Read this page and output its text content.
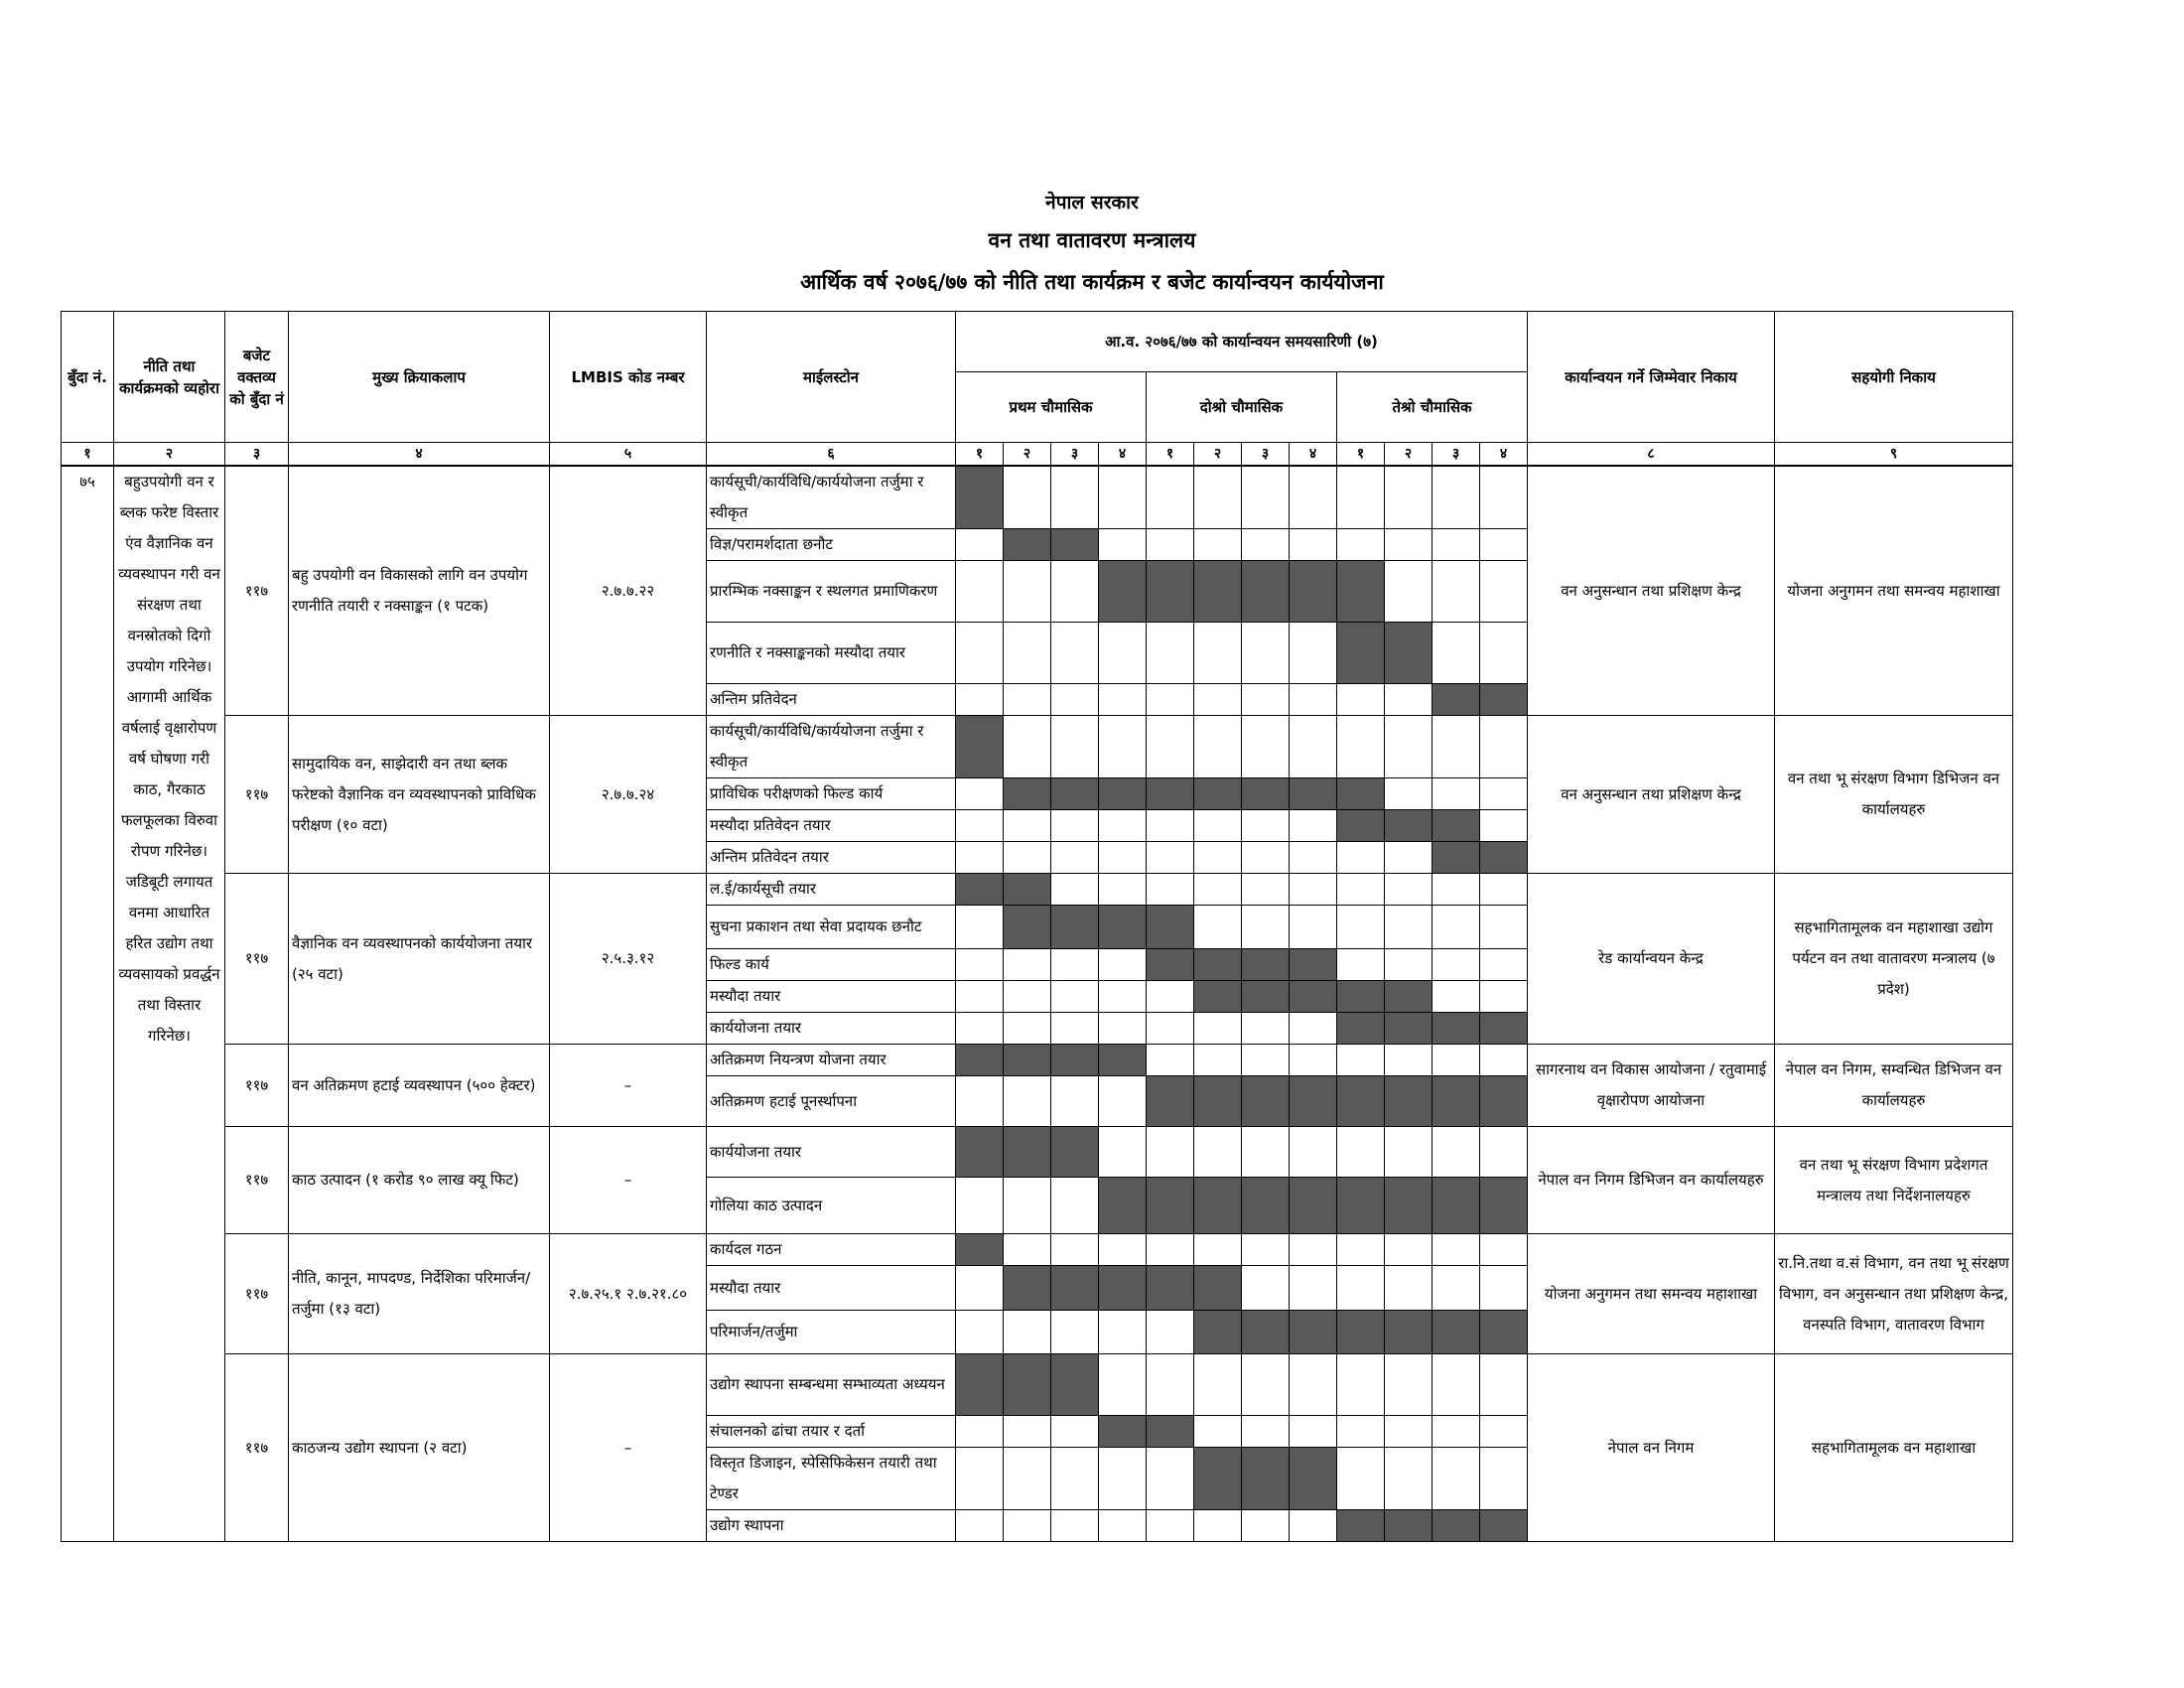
नेपाल सरकार
वन तथा वातावरण मन्त्रालय
आर्थिक वर्ष २०७६/७७ को नीति तथा कार्यक्रम र बजेट कार्यान्वयन कार्ययोजना
बुँदा नं.	नीति तथा कार्यक्रमको व्यहोरा	बजेट वक्तव्य को बुँदा नं	मुख्य क्रियाकलाप	LMBIS कोड नम्बर	माईलस्टोन	आ.व. २०७६/७७ को कार्यान्वयन समयसारिणी (७)												कार्यान्वयन गर्ने जिम्मेवार निकाय	सहयोगी निकाय
						प्रथम चौमासिक				दोश्रो चौमासिक				तेश्रो चौमासिक					
१	२	३	४	५	६	१	२	३	४	१	२	३	४	१	२	३	४	८	९
७५	बहुउपयोगी वन र ब्लक फरेष्ट विस्तार एंव वैज्ञानिक वन व्यवस्थापन गरी वन संरक्षण तथा वनस्रोतको दिगो उपयोग गरिनेछ। आगामी आर्थिक वर्षलाई वृक्षारोपण वर्ष घोषणा गरी काठ, गैरकाठ फलफूलका विरुवा रोपण गरिनेछ। जडिबूटी लगायत वनमा आधारित हरित उद्योग तथा व्यवसायको प्रवर्द्धन तथा विस्तार गरिनेछ।	११७	बहु उपयोगी वन विकासको लागि वन उपयोग रणनीति तयारी र नक्साङ्कन (१ पटक)	२.७.७.२२	कार्यसूची/कार्यविधि/कार्ययोजना तर्जुमा र स्वीकृत													वन अनुसन्धान तथा प्रशिक्षण केन्द्र	योजना अनुगमन तथा समन्वय महाशाखा
					विज्ञ/परामर्शदाता छनौट														
					प्रारम्भिक नक्साङ्कन र स्थलगत प्रमाणिकरण														
					रणनीति र नक्साङ्कनको मस्यौदा तयार														
					अन्तिम प्रतिवेदन														
		११७	सामुदायिक वन, साझेदारी वन तथा ब्लक फरेष्टको वैज्ञानिक वन व्यवस्थापनको प्राविधिक परीक्षण (१० वटा)	२.७.७.२४	कार्यसूची/कार्यविधि/कार्ययोजना तर्जुमा र स्वीकृत													वन अनुसन्धान तथा प्रशिक्षण केन्द्र	वन तथा भू संरक्षण विभाग डिभिजन वन कार्यालयहरु
					प्राविधिक परीक्षणको फिल्ड कार्य														
					मस्यौदा प्रतिवेदन तयार														
					अन्तिम प्रतिवेदन तयार														
		११७	वैज्ञानिक वन व्यवस्थापनको कार्ययोजना तयार (२५ वटा)	२.५.३.१२	ल.ई/कार्यसूची तयार													रेड कार्यान्वयन केन्द्र	सहभागितामूलक वन महाशाखा उद्योग पर्यटन वन तथा वातावरण मन्त्रालय (७ प्रदेश)
					सुचना प्रकाशन तथा सेवा प्रदायक छनौट														
					फिल्ड कार्य														
					मस्यौदा तयार														
					कार्ययोजना तयार														
		११७	वन अतिक्रमण हटाई व्यवस्थापन (५०० हेक्टर)	–	अतिक्रमण नियन्त्रण योजना तयार													सागरनाथ वन विकास आयोजना / रतुवामाई वृक्षारोपण आयोजना	नेपाल वन निगम, सम्वन्धित डिभिजन वन कार्यालयहरु
					अतिक्रमण हटाई पूनर्स्थापना														
		११७	काठ उत्पादन (१ करोड ९० लाख क्यू फिट)	–	कार्ययोजना तयार													नेपाल वन निगम डिभिजन वन कार्यालयहरु	वन तथा भू संरक्षण विभाग प्रदेशगत मन्त्रालय तथा निर्देशनालयहरु
					गोलिया काठ उत्पादन														
		११७	नीति, कानून, मापदण्ड, निर्देशिका परिमार्जन/तर्जुमा (१३ वटा)	२.७.२५.१ २.७.२१.८०	कार्यदल गठन													योजना अनुगमन तथा समन्वय महाशाखा	रा.नि.तथा व.सं विभाग, वन तथा भू संरक्षण विभाग, वन अनुसन्धान तथा प्रशिक्षण केन्द्र, वनस्पति विभाग, वातावरण विभाग
					मस्यौदा तयार														
					परिमार्जन/तर्जुमा														
		११७	काठजन्य उद्योग स्थापना (२ वटा)	–	उद्योग स्थापना सम्बन्धमा सम्भाव्यता अध्ययन													नेपाल वन निगम	सहभागितामूलक वन महाशाखा
					संचालनको ढांचा तयार र दर्ता														
					विस्तृत डिजाइन, स्पेसिफिकेसन तयारी तथा टेण्डर														
					उद्योग स्थापना														
